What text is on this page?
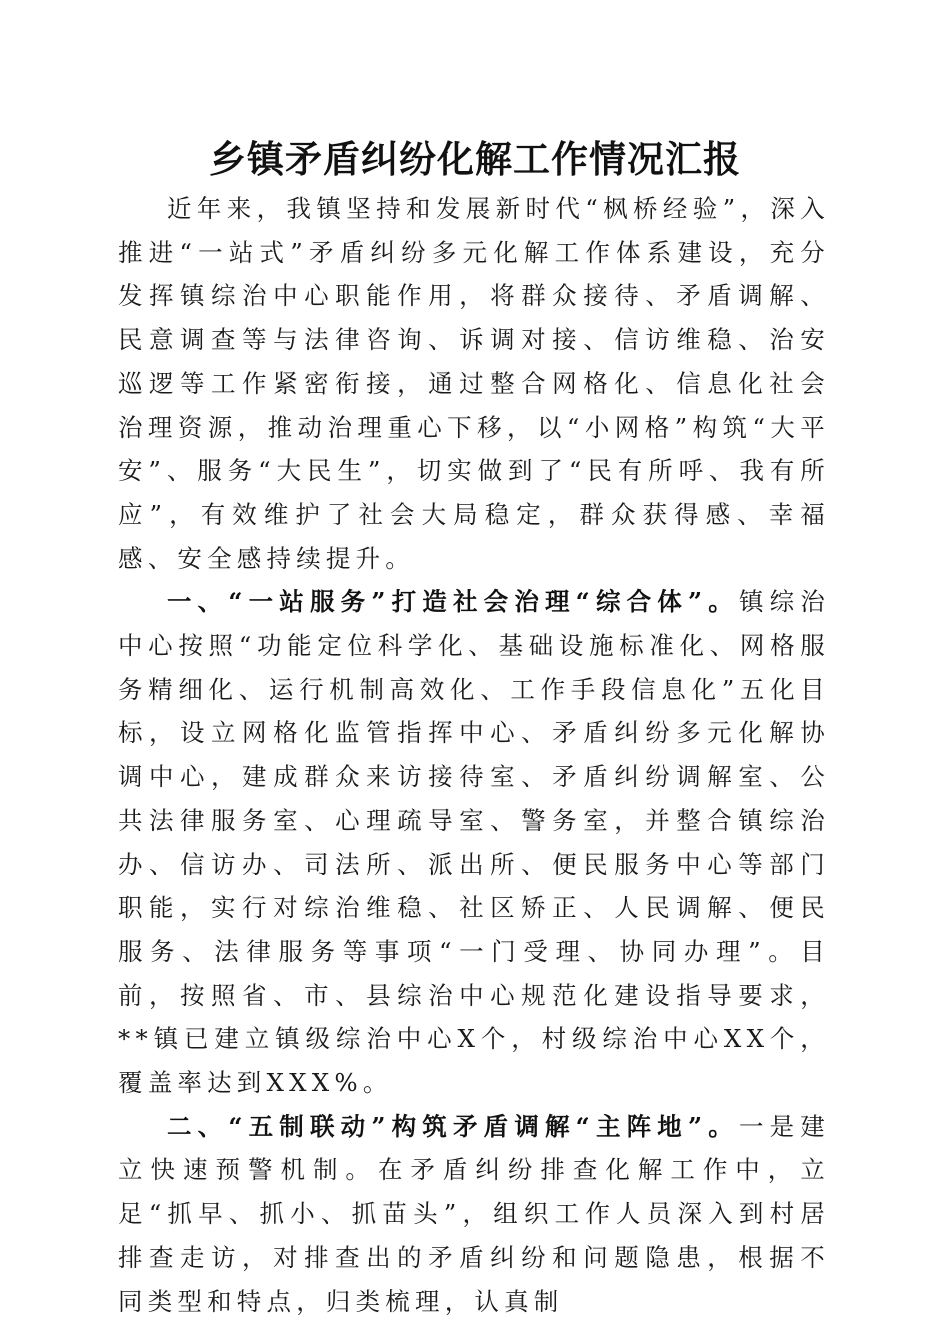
乡镇矛盾纠纷化解工作情况汇报

近年来，我镇坚持和发展新时代“枫桥经验”，深入推进“一站式”矛盾纠纷多元化解工作体系建设，充分发挥镇综治中心职能作用，将群众接待、矛盾调解、民意调查等与法律咨询、诉调对接、信访维稳、治安巡逻等工作紧密衔接，通过整合网格化、信息化社会治理资源，推动治理重心下移，以“小网格”构筑“大平安”、服务“大民生”，切实做到了“民有所呼、我有所应”，有效维护了社会大局稳定，群众获得感、幸福感、安全感持续提升。

一、“一站服务”打造社会治理“综合体”。镇综治中心按照“功能定位科学化、基础设施标准化、网格服务精细化、运行机制高效化、工作手段信息化”五化目标，设立网格化监管指挥中心、矛盾纠纷多元化解协调中心，建成群众来访接待室、矛盾纠纷调解室、公共法律服务室、心理疏导室、警务室，并整合镇综治办、信访办、司法所、派出所、便民服务中心等部门职能，实行对综治维稳、社区矫正、人民调解、便民服务、法律服务等事项“一门受理、协同办理”。目前，按照省、市、县综治中心规范化建设指导要求，**镇已建立镇级综治中心X个，村级综治中心XX个，覆盖率达到XXX%。

二、“五制联动”构筑矛盾调解“主阵地”。一是建立快速预警机制。在矛盾纠纷排查化解工作中，立足“抓早、抓小、抓苗头”，组织工作人员深入到村居排查走访，对排查出的矛盾纠纷和问题隐患，根据不同类型和特点，归类梳理，认真制
